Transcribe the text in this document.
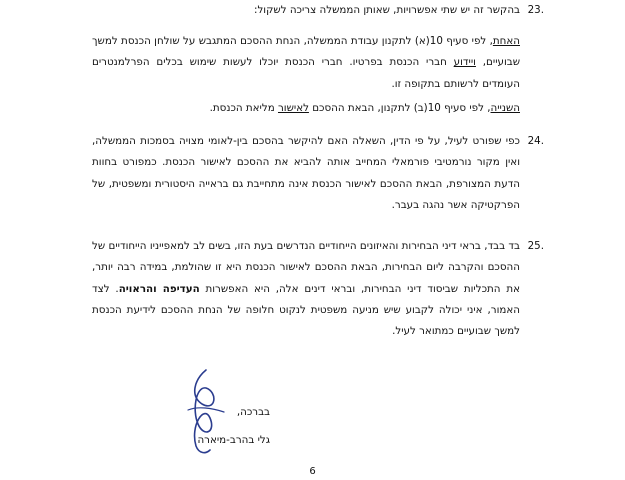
23.
בהקשר זה יש שתי אפשרויות, שאותן הממשלה צריכה לשקול:
האחת, לפי סעיף 10(א) לתקנון עבודת הממשלה, הנחת ההסכם המתגבש על שולחן הכנסת למשך שבועיים, ויידוע חברי הכנסת בפרטיו. חברי הכנסת יוכלו לעשות שימוש בכלים הפרלמנטרים העומדים לרשותם בתקופה זו.
השנייה, לפי סעיף 10(ב) לתקנון, הבאת ההסכם לאישור מליאת הכנסת.
24.
כפי שפורט לעיל, על פי הדין, השאלה האם להיקשר בהסכם בין-לאומי מצויה בסמכות הממשלה, ואין מקור נורמטיבי פורמאלי המחייב אותה להביא את ההסכם לאישור הכנסת. כמפורט בחוות הדעת המצורפת, הבאת ההסכם לאישור הכנסת אינה מתחייבת גם בראייה היסטורית ומשפטית, של הפרקטיקה אשר נהגה בעבר.
25.
בד בבד, בראי דיני הבחירות והאיזונים הייחודיים הנדרשים בעת הזו, בשים לב למאפייניו הייחודיים של ההסכם והקרבה ליום הבחירות, הבאת ההסכם לאישור הכנסת היא זו שהולמת, במידה רבה יותר, את התכליות שביסוד דיני הבחירות, ובראי דינים אלה, היא האפשרות העדיפה והראויה. לצד האמור, איני יכולה לקבוע שיש מניעה משפטית לנקוט חלופה של הנחת ההסכם לידיעת הכנסת למשך שבועיים כמתואר לעיל.
בברכה,
גלי בהרב-מיארה
6
